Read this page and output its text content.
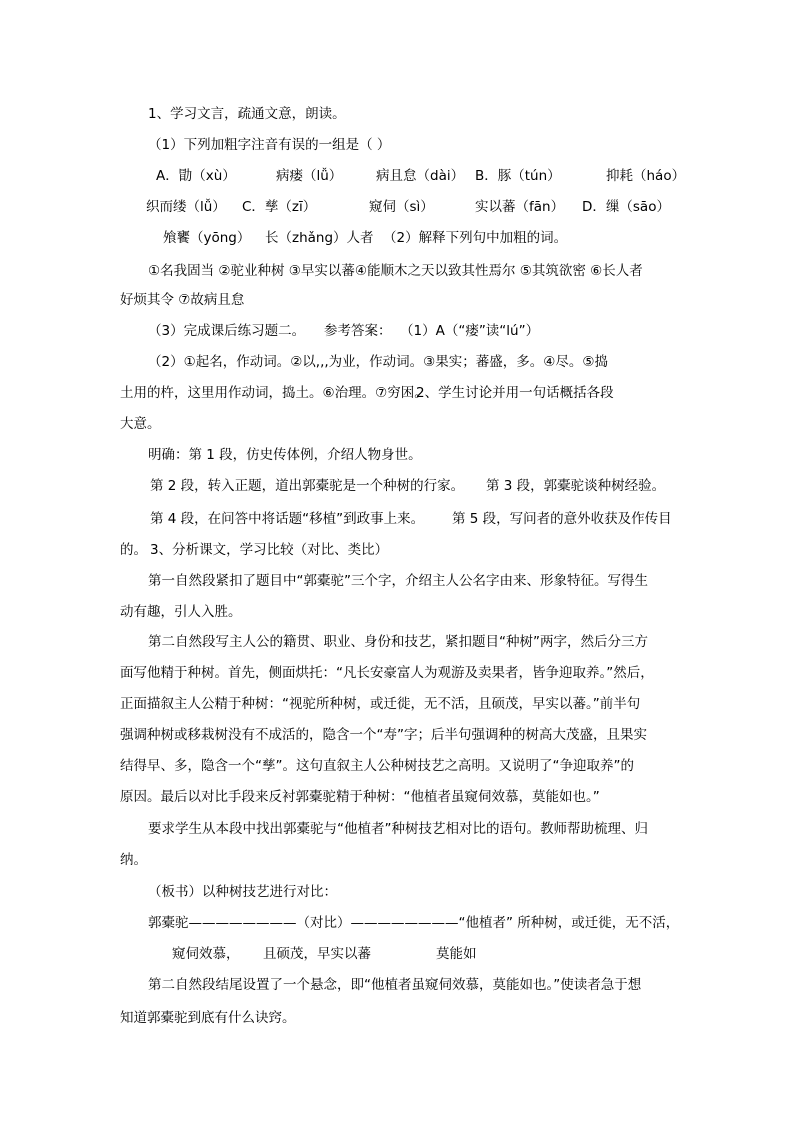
1、学习文言，疏通文意，朗读。
（1）下列加粗字注音有误的一组是（ ）
A．勖（xù）	病瘘（lǚ） 病且怠（dài） B．豚（tún）	抑耗（háo）
织而缕（lǚ） C．孳（zī）	窥伺（sì）	实以蕃（fān） D．缫（sāo）
飧饔（yōng） 长（zhǎng）人者 （2）解释下列句中加粗的词。
①名我固当 ②驼业种树 ③早实以蕃④能顺木之天以致其性焉尔 ⑤其筑欲密 ⑥长人者
好烦其令 ⑦故病且怠
（3）完成课后练习题二。 参考答案： （1）A（“瘘”读“lú”）
（2）①起名，作动词。②以,,,为业，作动词。③果实；蕃盛，多。④尽。⑤捣
土用的杵，这里用作动词，捣土。⑥治理。⑦穷困。
2、学生讨论并用一句话概括各段
大意。
明确：第 1 段，仿史传体例，介绍人物身世。
第 2 段，转入正题，道出郭橐驼是一个种树的行家。 第 3 段，郭橐驼谈种树经验。
第 4 段，在问答中将话题“移植”到政事上来。 第 5 段，写问者的意外收获及作传目
的。 3、分析课文，学习比较（对比、类比）
第一自然段紧扣了题目中“郭橐驼”三个字，介绍主人公名字由来、形象特征。写得生
动有趣，引人入胜。
第二自然段写主人公的籍贯、职业、身份和技艺，紧扣题目“种树”两字，然后分三方
面写他精于种树。首先，侧面烘托：“凡长安豪富人为观游及卖果者，皆争迎取养。”然后，
正面描叙主人公精于种树：“视驼所种树，或迁徙，无不活，且硕茂，早实以蕃。”前半句
强调种树或移栽树没有不成活的，隐含一个“寿”字；后半句强调种的树高大茂盛，且果实
结得早、多，隐含一个“孳”。这句直叙主人公种树技艺之高明。又说明了“争迎取养”的
原因。最后以对比手段来反衬郭橐驼精于种树：“他植者虽窥伺效慕，莫能如也。”
要求学生从本段中找出郭橐驼与“他植者”种树技艺相对比的语句。教师帮助梳理、归
纳。
（板书）以种树技艺进行对比：
郭橐驼————————（对比）————————“他植者” 所种树，或迁徙，无不活，
窥伺效慕， 且硕茂，早实以蕃	莫能如
第二自然段结尾设置了一个悬念，即“他植者虽窥伺效慕，莫能如也。”使读者急于想
知道郭橐驼到底有什么诀窍。
